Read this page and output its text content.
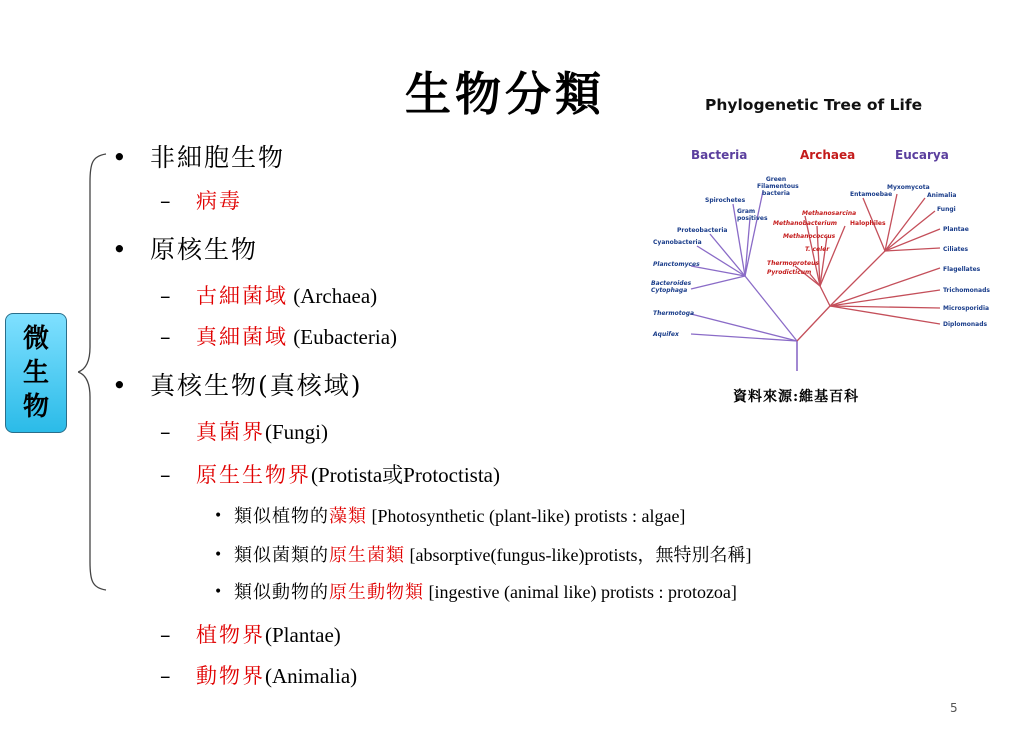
生物分類
• 非細胞生物
– 病毒
• 原核生物
– 古細菌域 (Archaea)
– 真細菌域 (Eubacteria)
• 真核生物(真核域)
– 真菌界(Fungi)
– 原生生物界(Protista或Protoctista)
• 類似植物的藻類 [Photosynthetic (plant-like) protists : algae]
• 類似菌類的原生菌類 [absorptive(fungus-like)protists，無特別名稱]
• 類似動物的原生動物類 [ingestive (animal like) protists : protozoa]
– 植物界(Plantae)
– 動物界(Animalia)
微
生
物
Phylogenetic Tree of Life
Bacteria	Archaea	Eucarya
Green Filamentous bacteria
Spirochetes
Gram positives
Proteobacteria
Cyanobacteria
Planctomyces
Bacteroides Cytophaga
Thermotoga
Aquifex
Methanosarcina
Methanobacterium Halophiles
Methanococcus
T. celer
Thermoproteus
Pyrodicticum
Entamoebae
Myxomycota
Animalia
Fungi
Plantae
Ciliates
Flagellates
Trichomonads
Microsporidia
Diplomonads
資料來源:維基百科
5
